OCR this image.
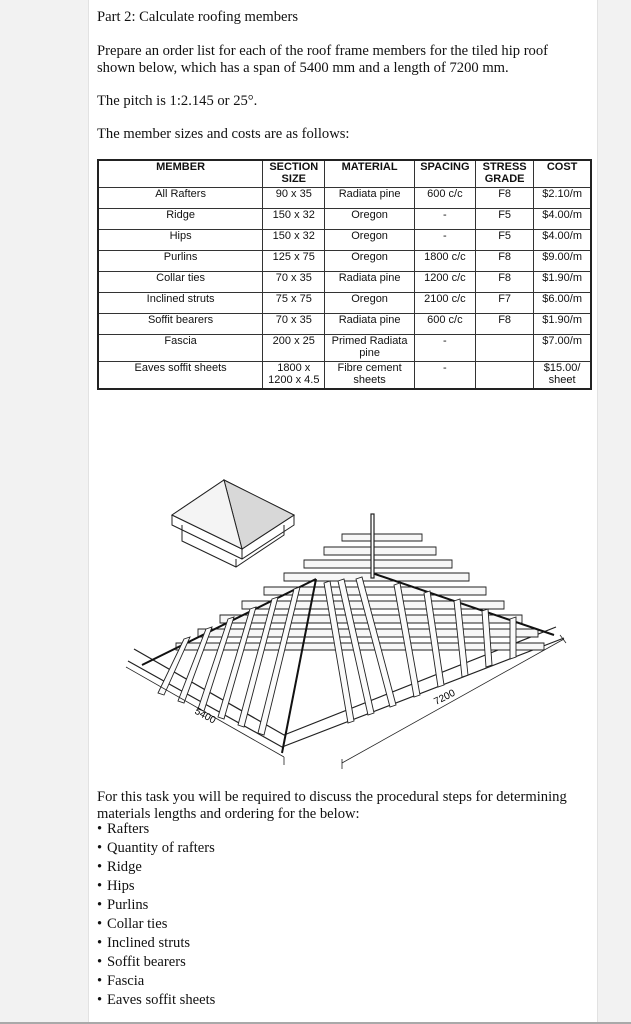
Part 2: Calculate roofing members
Prepare an order list for each of the roof frame members for the tiled hip roof shown below, which has a span of 5400 mm and a length of 7200 mm.
The pitch is 1:2.145 or 25°.
The member sizes and costs are as follows:
MEMBER	SECTION SIZE	MATERIAL	SPACING	STRESS GRADE	COST
All Rafters	90 x 35	Radiata pine	600 c/c	F8	$2.10/m
Ridge	150 x 32	Oregon	-	F5	$4.00/m
Hips	150 x 32	Oregon	-	F5	$4.00/m
Purlins	125 x 75	Oregon	1800 c/c	F8	$9.00/m
Collar ties	70 x 35	Radiata pine	1200 c/c	F8	$1.90/m
Inclined struts	75 x 75	Oregon	2100 c/c	F7	$6.00/m
Soffit bearers	70 x 35	Radiata pine	600 c/c	F8	$1.90/m
Fascia	200 x 25	Primed Radiata pine	-		$7.00/m
Eaves soffit sheets	1800 x 1200 x 4.5	Fibre cement sheets	-		$15.00/ sheet
5400
7200
For this task you will be required to discuss the procedural steps for determining materials lengths and ordering for the below:
• Rafters
• Quantity of rafters
• Ridge
• Hips
• Purlins
• Collar ties
• Inclined struts
• Soffit bearers
• Fascia
• Eaves soffit sheets
